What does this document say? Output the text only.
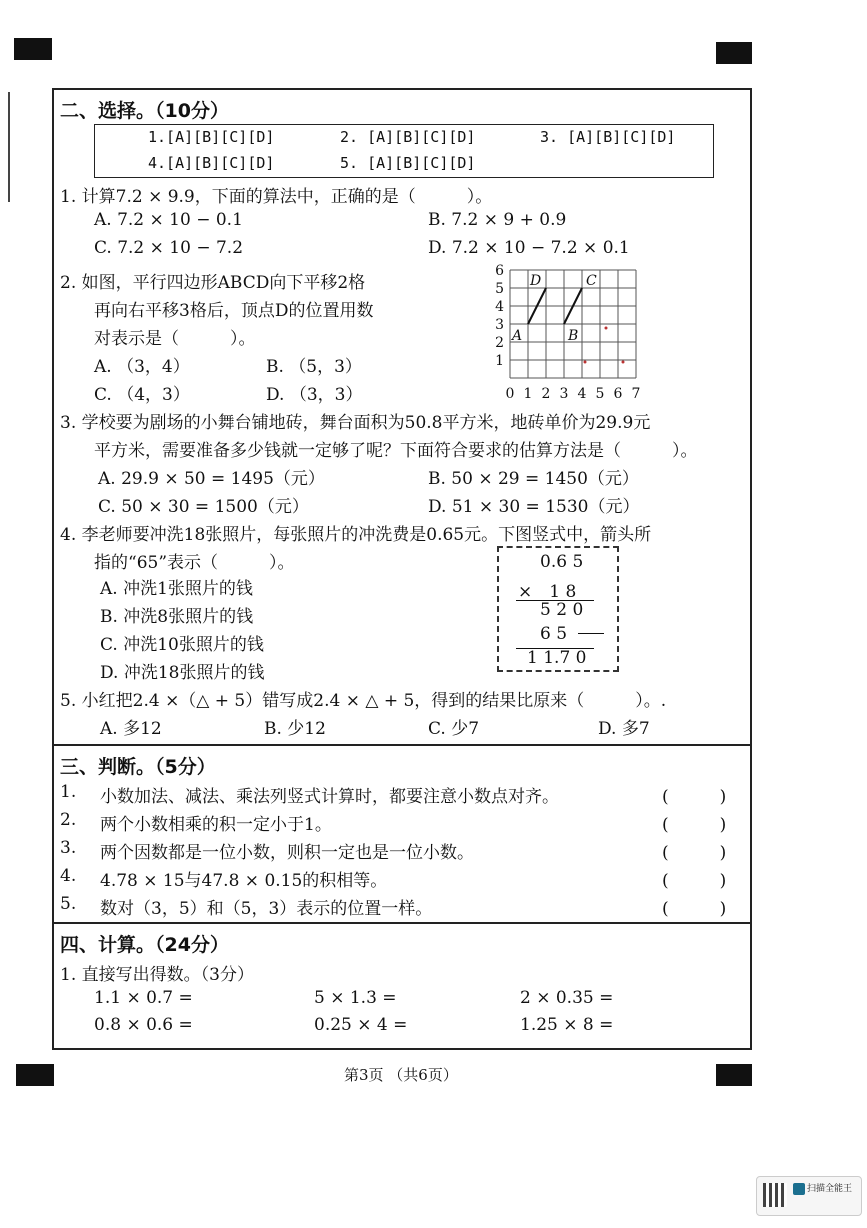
二、选择。（10分）
1.[A][B][C][D]	2. [A][B][C][D]	3. [A][B][C][D]
4.[A][B][C][D]	5. [A][B][C][D]
1. 计算7.2 × 9.9，下面的算法中，正确的是（　　　）。
A. 7.2 × 10 − 0.1	B. 7.2 × 9 + 0.9
C. 7.2 × 10 − 7.2	D. 7.2 × 10 − 7.2 × 0.1
2. 如图，平行四边形ABCD向下平移2格
再向右平移3格后，顶点D的位置用数
对表示是（　　　）。
A. （3，4）	B. （5，3）
C. （4，3）	D. （3，3）
A	B
C
D
6
5
4
3
2
1
0 1 2 3 4 5 6 7
3. 学校要为剧场的小舞台铺地砖，舞台面积为50.8平方米，地砖单价为29.9元
平方米，需要准备多少钱就一定够了呢？下面符合要求的估算方法是（　　　）。
A. 29.9 × 50 = 1495（元）	B. 50 × 29 = 1450（元）
C. 50 × 30 = 1500（元）	D. 51 × 30 = 1530（元）
4. 李老师要冲洗18张照片，每张照片的冲洗费是0.65元。下图竖式中，箭头所
指的“65”表示（　　　）。
A. 冲洗1张照片的钱
B. 冲洗8张照片的钱
C. 冲洗10张照片的钱
D. 冲洗18张照片的钱
0.6 5
×　1 8
5 2 0
6 5
1 1.7 0
5. 小红把2.4 ×（△ + 5）错写成2.4 × △ + 5，得到的结果比原来（　　　）。.
A. 多12	B. 少12	C. 少7	D. 多7
三、判断。（5分）
1. 小数加法、减法、乘法列竖式计算时，都要注意小数点对齐。	(　　　)
2. 两个小数相乘的积一定小于1。	(　　　)
3. 两个因数都是一位小数，则积一定也是一位小数。	(　　　)
4. 4.78 × 15与47.8 × 0.15的积相等。	(　　　)
5. 数对（3，5）和（5，3）表示的位置一样。	(　　　)
四、计算。（24分）
1. 直接写出得数。（3分）
1.1 × 0.7 =	5 × 1.3 =	2 × 0.35 =
0.8 × 0.6 =	0.25 × 4 =	1.25 × 8 =
第3页 （共6页）
扫描全能王
